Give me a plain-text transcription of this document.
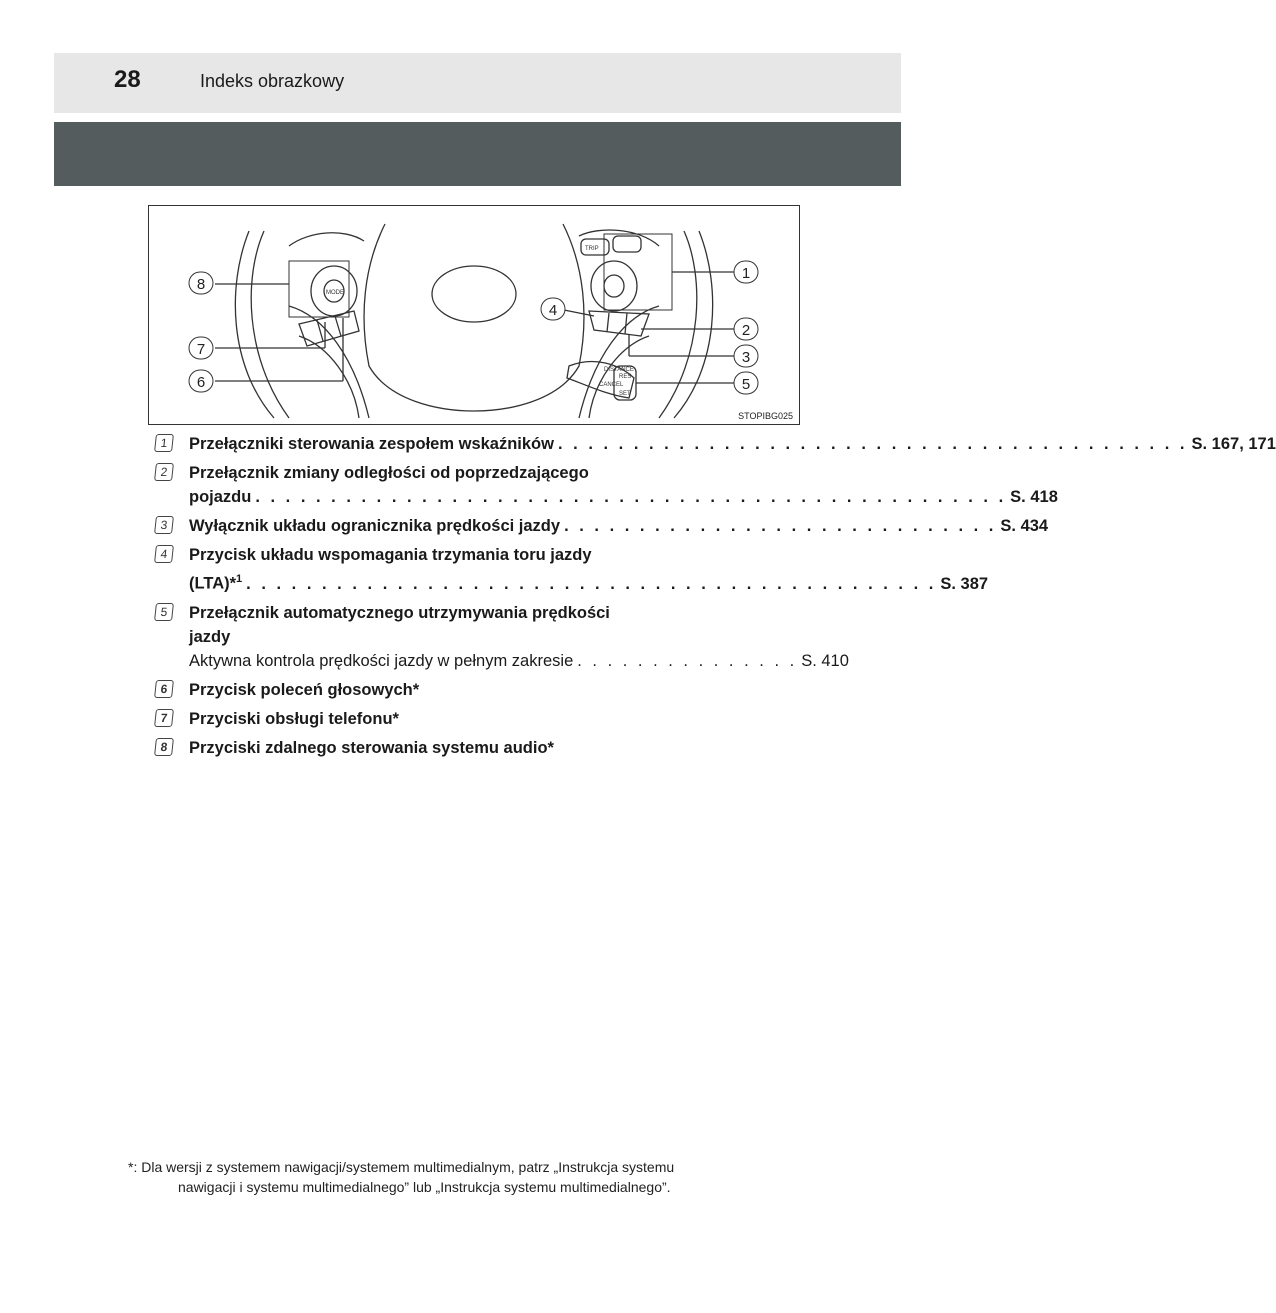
28	Indeks obrazkowy
TRIP
MODE
DISTANCE
RES
CANCEL
SET
8
7
6
4
1
2
3
5
STOPIBG025
1	Przełączniki sterowania zespołem wskaźników . . . . . . . . . . . . . . . . . . . . . . . . . . . . . . . . . . . . . . . . . . S. 167, 171
2	Przełącznik zmiany odległości od poprzedzającego
pojazdu . . . . . . . . . . . . . . . . . . . . . . . . . . . . . . . . . . . . . . . . . . . . . . . . . . S. 418
3	Wyłącznik układu ogranicznika prędkości jazdy . . . . . . . . . . . . . . . . . . . . . . . . . . . . . S. 434
4	Przycisk układu wspomagania trzymania toru jazdy
(LTA)*$^1$ . . . . . . . . . . . . . . . . . . . . . . . . . . . . . . . . . . . . . . . . . . . . . . S. 387
5	Przełącznik automatycznego utrzymywania prędkości
jazdy
Aktywna kontrola prędkości jazdy w pełnym zakresie . . . . . . . . . . . . . . . S. 410
6	Przycisk poleceń głosowych*
7	Przyciski obsługi telefonu*
8	Przyciski zdalnego sterowania systemu audio*
*: Dla wersji z systemem nawigacji/systemem multimedialnym, patrz „Instrukcja systemu
nawigacji i systemu multimedialnego” lub „Instrukcja systemu multimedialnego”.
